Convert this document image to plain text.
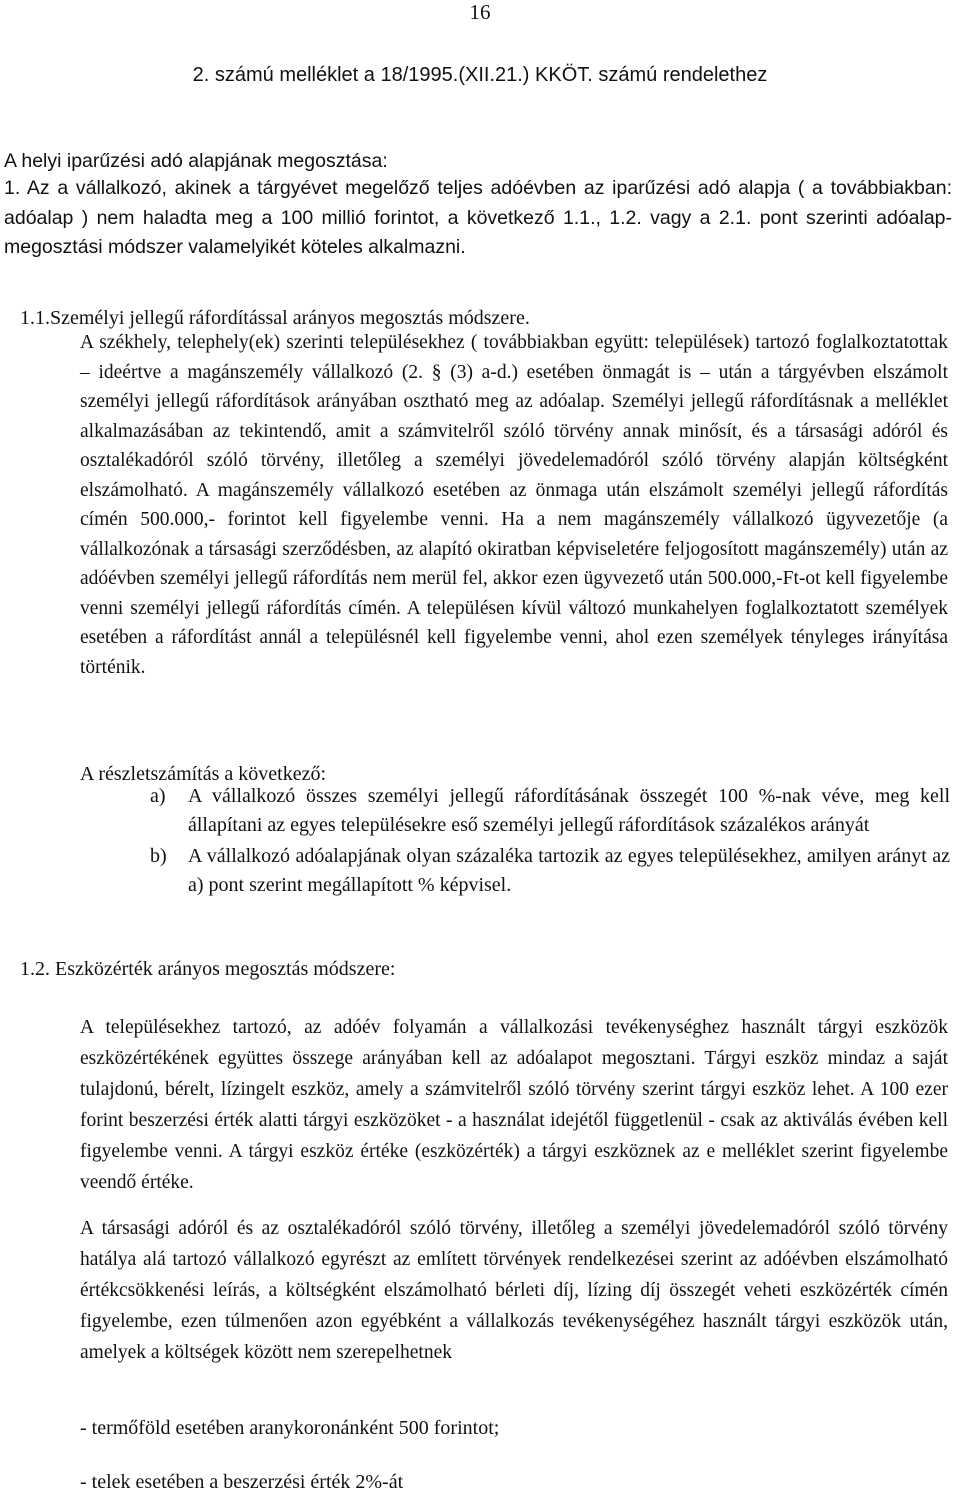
16
2. számú melléklet a 18/1995.(XII.21.) KKÖT. számú rendelethez
A helyi iparűzési adó alapjának megosztása:

1. Az a vállalkozó, akinek a tárgyévet megelőző teljes adóévben az iparűzési adó alapja ( a továbbiakban: adóalap ) nem haladta meg a 100 millió forintot, a következő 1.1., 1.2. vagy a 2.1. pont szerinti adóalap-megosztási módszer valamelyikét köteles alkalmazni.

1.1.Személyi jellegű ráfordítással arányos megosztás módszere.

A székhely, telephely(ek) szerinti településekhez ( továbbiakban együtt: települések) tartozó foglalkoztatottak – ideértve a magánszemély vállalkozó (2. § (3) a-d.) esetében önmagát is – után a tárgyévben elszámolt személyi jellegű ráfordítások arányában osztható meg az adóalap. Személyi jellegű ráfordításnak a melléklet alkalmazásában az tekintendő, amit a számvitelről szóló törvény annak minősít, és a társasági adóról és osztalékadóról szóló törvény, illetőleg a személyi jövedelemadóról szóló törvény alapján költségként elszámolható. A magánszemély vállalkozó esetében az önmaga után elszámolt személyi jellegű ráfordítás címén 500.000,- forintot kell figyelembe venni. Ha a nem magánszemély vállalkozó ügyvezetője (a vállalkozónak a társasági szerződésben, az alapító okiratban képviseletére feljogosított magánszemély) után az adóévben személyi jellegű ráfordítás nem merül fel, akkor ezen ügyvezető után 500.000,-Ft-ot kell figyelembe venni személyi jellegű ráfordítás címén. A településen kívül változó munkahelyen foglalkoztatott személyek esetében a ráfordítást annál a településnél kell figyelembe venni, ahol ezen személyek tényleges irányítása történik.

A részletszámítás a következő:
a) A vállalkozó összes személyi jellegű ráfordításának összegét 100 %-nak véve, meg kell állapítani az egyes településekre eső személyi jellegű ráfordítások százalékos arányát
b) A vállalkozó adóalapjának olyan százaléka tartozik az egyes településekhez, amilyen arányt az a) pont szerint megállapított % képvisel.
1.2. Eszközérték arányos megosztás módszere:

A településekhez tartozó, az adóév folyamán a vállalkozási tevékenységhez használt tárgyi eszközök eszközértékének együttes összege arányában kell az adóalapot megosztani. Tárgyi eszköz mindaz a saját tulajdonú, bérelt, lízingelt eszköz, amely a számvitelről szóló törvény szerint tárgyi eszköz lehet. A 100 ezer forint beszerzési érték alatti tárgyi eszközöket - a használat idejétől függetlenül - csak az aktiválás évében kell figyelembe venni. A tárgyi eszköz értéke (eszközérték) a tárgyi eszköznek az e melléklet szerint figyelembe veendő értéke.

A társasági adóról és az osztalékadóról szóló törvény, illetőleg a személyi jövedelemadóról szóló törvény hatálya alá tartozó vállalkozó egyrészt az említett törvények rendelkezései szerint az adóévben elszámolható értékcsökkenési leírás, a költségként elszámolható bérleti díj, lízing díj összegét veheti eszközérték címén figyelembe, ezen túlmenően azon egyébként a vállalkozás tevékenységéhez használt tárgyi eszközök után, amelyek a költségek között nem szerepelhetnek

- termőföld esetében aranykoronánként 500 forintot;
- telek esetében a beszerzési érték 2%-át
